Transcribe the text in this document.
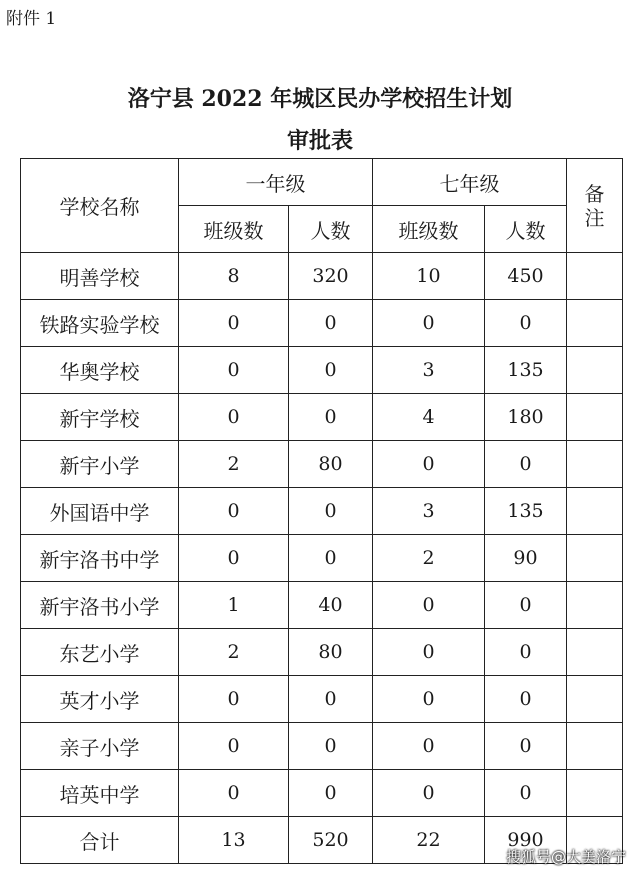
附件 1
洛宁县 2022 年城区民办学校招生计划
审批表
学校名称	一年级		七年级		备
注
	班级数	人数	班级数	人数	
明善学校	8	320	10	450	
铁路实验学校	0	0	0	0	
华奥学校	0	0	3	135	
新宇学校	0	0	4	180	
新宇小学	2	80	0	0	
外国语中学	0	0	3	135	
新宇洛书中学	0	0	2	90	
新宇洛书小学	1	40	0	0	
东艺小学	2	80	0	0	
英才小学	0	0	0	0	
亲子小学	0	0	0	0	
培英中学	0	0	0	0	
合计	13	520	22	990	
搜狐号@大美洛宁
